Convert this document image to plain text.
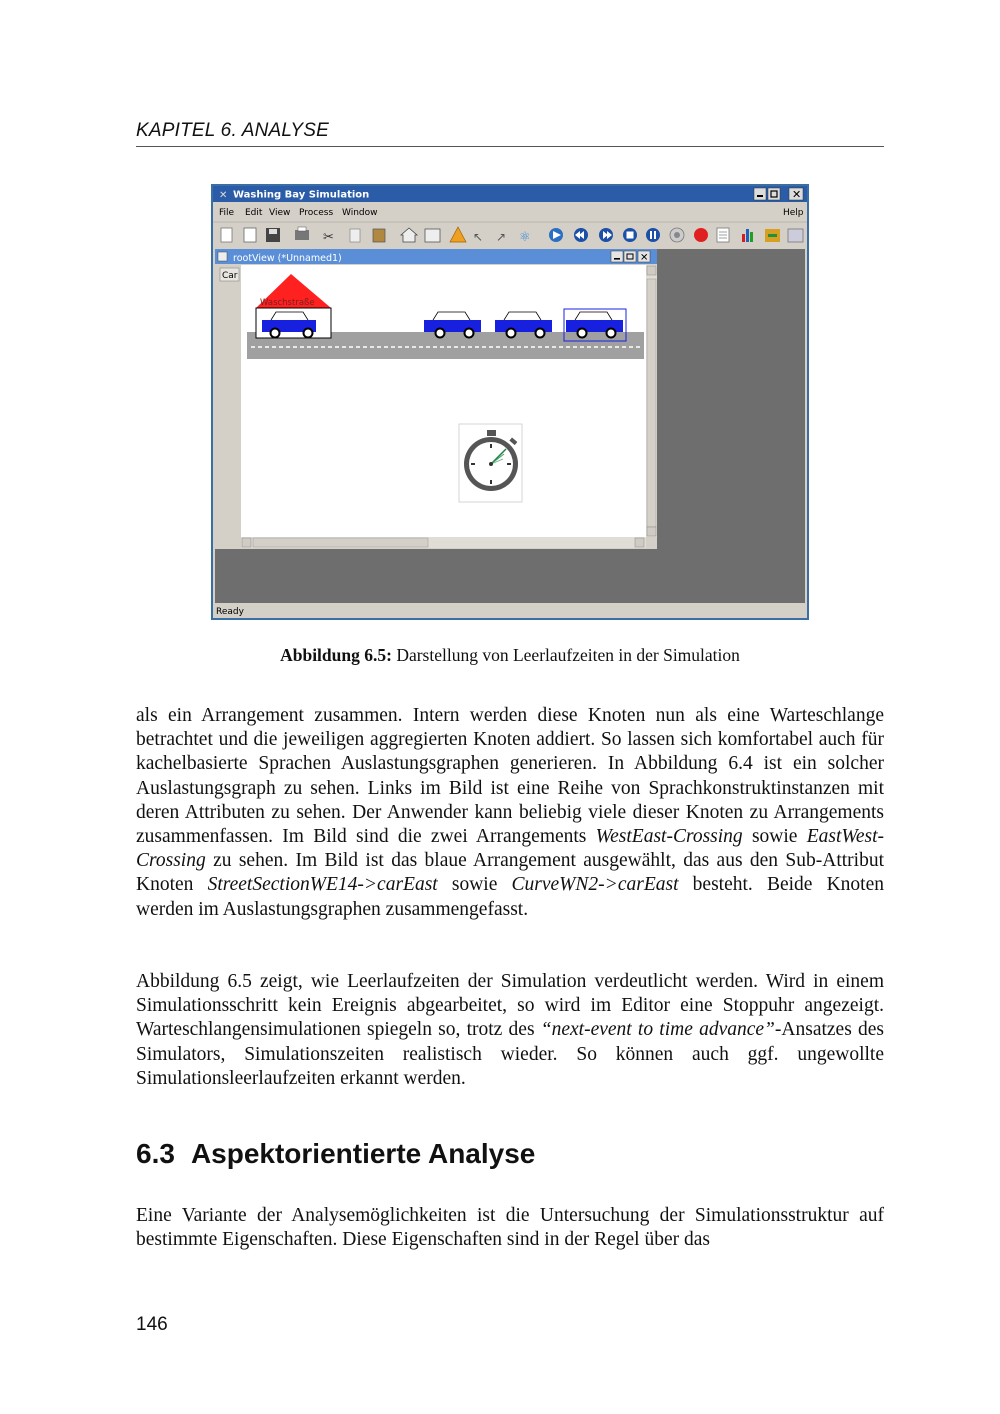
KAPITEL 6. ANALYSE
✕ Washing Bay Simulation	✕
File Edit View Process Window	Help
✂	↖ ↗ ⚛
rootView (*Unnamed1)	✕
Car
Waschstraße
Ready
Abbildung 6.5: Darstellung von Leerlaufzeiten in der Simulation
als ein Arrangement zusammen. Intern werden diese Knoten nun als eine Warteschlange betrachtet und die jeweiligen aggregierten Knoten addiert. So lassen sich komfortabel auch für kachelbasierte Sprachen Auslastungsgraphen generieren. In Abbildung 6.4 ist ein solcher Auslastungsgraph zu sehen. Links im Bild ist eine Reihe von Sprachkonstruktinstanzen mit deren Attributen zu sehen. Der Anwender kann beliebig viele dieser Knoten zu Arrangements zusammenfassen. Im Bild sind die zwei Arrangements WestEast-Crossing sowie EastWest-Crossing zu sehen. Im Bild ist das blaue Arrangement ausgewählt, das aus den Sub-Attribut Knoten StreetSectionWE14->carEast sowie CurveWN2->carEast besteht. Beide Knoten werden im Auslastungsgraphen zusammengefasst.
Abbildung 6.5 zeigt, wie Leerlaufzeiten der Simulation verdeutlicht werden. Wird in einem Simulationsschritt kein Ereignis abgearbeitet, so wird im Editor eine Stoppuhr angezeigt. Warteschlangensimulationen spiegeln so, trotz des “next-event to time advance”-Ansatzes des Simulators, Simulationszeiten realistisch wieder. So können auch ggf. ungewollte Simulationsleerlaufzeiten erkannt werden.
6.3 Aspektorientierte Analyse
Eine Variante der Analysemöglichkeiten ist die Untersuchung der Simulationsstruktur auf bestimmte Eigenschaften. Diese Eigenschaften sind in der Regel über das
146
